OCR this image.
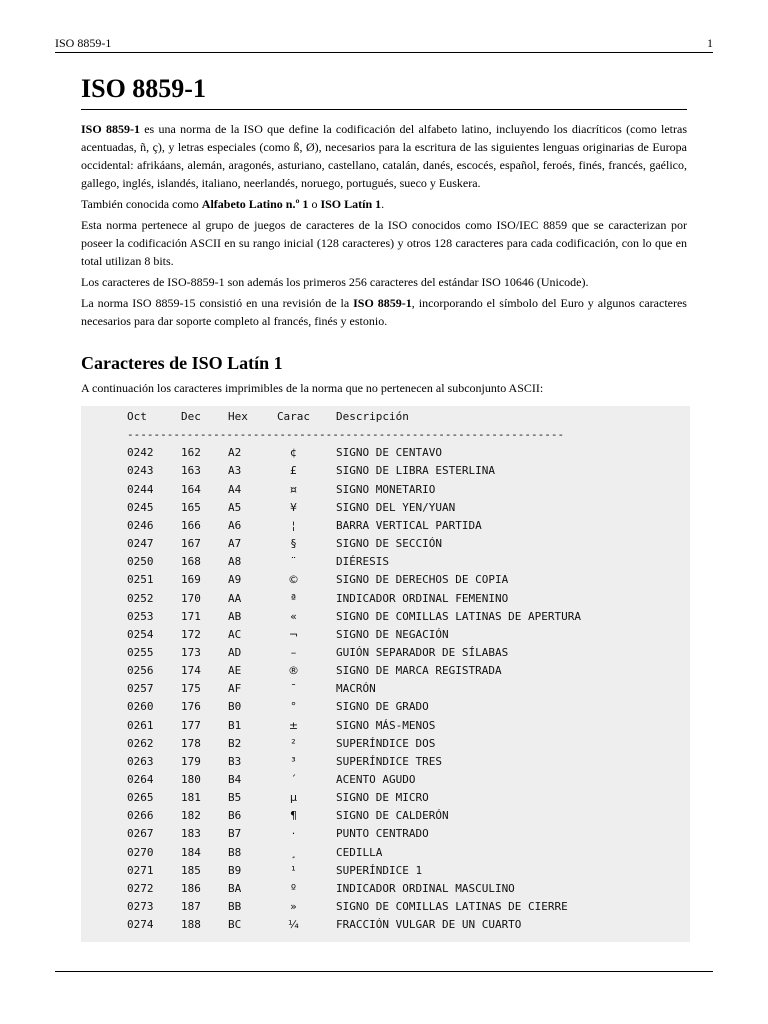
ISO 8859-1	1
ISO 8859-1

ISO 8859-1 es una norma de la ISO que define la codificación del alfabeto latino, incluyendo los diacríticos (como letras acentuadas, ñ, ç), y letras especiales (como ß, Ø), necesarios para la escritura de las siguientes lenguas originarias de Europa occidental: afrikáans, alemán, aragonés, asturiano, castellano, catalán, danés, escocés, español, feroés, finés, francés, gaélico, gallego, inglés, islandés, italiano, neerlandés, noruego, portugués, sueco y Euskera.

También conocida como Alfabeto Latino n.º 1 o ISO Latín 1.

Esta norma pertenece al grupo de juegos de caracteres de la ISO conocidos como ISO/IEC 8859 que se caracterizan por poseer la codificación ASCII en su rango inicial (128 caracteres) y otros 128 caracteres para cada codificación, con lo que en total utilizan 8 bits.

Los caracteres de ISO-8859-1 son además los primeros 256 caracteres del estándar ISO 10646 (Unicode).

La norma ISO 8859-15 consistió en una revisión de la ISO 8859-1, incorporando el símbolo del Euro y algunos caracteres necesarios para dar soporte completo al francés, finés y estonio.

Caracteres de ISO Latín 1

A continuación los caracteres imprimibles de la norma que no pertenecen al subconjunto ASCII:

Oct	Dec Hex	Carac Descripción
------------------------------------------------------------------
0242	162 A2	¢	SIGNO DE CENTAVO
0243	163 A3	£	SIGNO DE LIBRA ESTERLINA
0244	164 A4	¤	SIGNO MONETARIO
0245	165 A5	¥	SIGNO DEL YEN/YUAN
0246	166 A6	¦	BARRA VERTICAL PARTIDA
0247	167 A7	§	SIGNO DE SECCIÓN
0250	168 A8	¨	DIÉRESIS
0251	169 A9	©	SIGNO DE DERECHOS DE COPIA
0252	170 AA	ª	INDICADOR ORDINAL FEMENINO
0253	171 AB	«	SIGNO DE COMILLAS LATINAS DE APERTURA
0254	172 AC	¬	SIGNO DE NEGACIÓN
0255	173 AD	–	GUIÓN SEPARADOR DE SÍLABAS
0256	174 AE	®	SIGNO DE MARCA REGISTRADA
0257	175 AF	¯	MACRÓN
0260	176 B0	°	SIGNO DE GRADO
0261	177 B1	±	SIGNO MÁS-MENOS
0262	178 B2	²	SUPERÍNDICE DOS
0263	179 B3	³	SUPERÍNDICE TRES
0264	180 B4	´	ACENTO AGUDO
0265	181 B5	µ	SIGNO DE MICRO
0266	182 B6	¶	SIGNO DE CALDERÓN
0267	183 B7	·	PUNTO CENTRADO
0270	184 B8	¸	CEDILLA
0271	185 B9	¹	SUPERÍNDICE 1
0272	186 BA	º	INDICADOR ORDINAL MASCULINO
0273	187 BB	»	SIGNO DE COMILLAS LATINAS DE CIERRE
0274	188 BC	¼	FRACCIÓN VULGAR DE UN CUARTO
